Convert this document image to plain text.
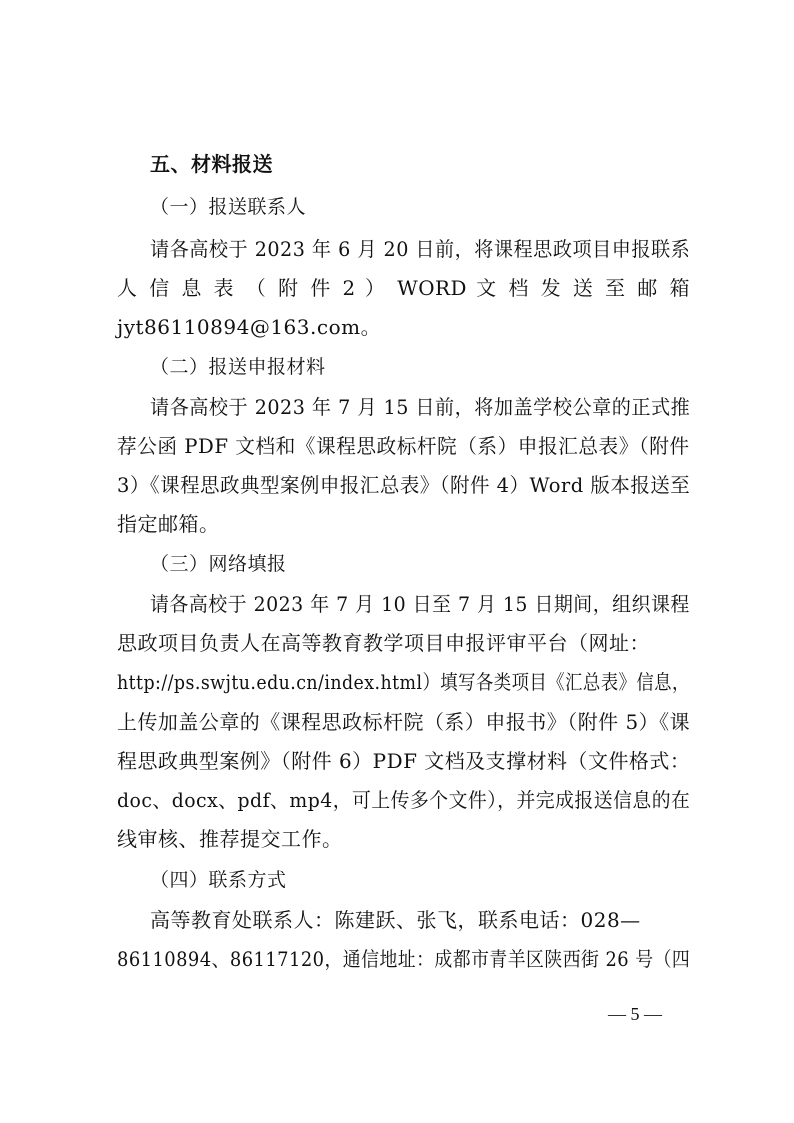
五、材料报送
（一）报送联系人
请各高校于 2023 年 6 月 20 日前，将课程思政项目申报联系
人 信 息 表 （ 附 件 2 ） WORD 文 档 发 送 至 邮 箱
jyt86110894@163.com。
（二）报送申报材料
请各高校于 2023 年 7 月 15 日前，将加盖学校公章的正式推
荐公函 PDF 文档和《课程思政标杆院（系）申报汇总表》（附件
3）《课程思政典型案例申报汇总表》（附件 4）Word 版本报送至
指定邮箱。
（三）网络填报
请各高校于 2023 年 7 月 10 日至 7 月 15 日期间，组织课程
思政项目负责人在高等教育教学项目申报评审平台（网址：
http://ps.swjtu.edu.cn/index.html）填写各类项目《汇总表》信息，
上传加盖公章的《课程思政标杆院（系）申报书》（附件 5）《课
程思政典型案例》（附件 6）PDF 文档及支撑材料（文件格式：
doc、docx、pdf、mp4，可上传多个文件），并完成报送信息的在
线审核、推荐提交工作。
（四）联系方式
高等教育处联系人：陈建跃、张飞，联系电话：028—
86110894、86117120，通信地址：成都市青羊区陕西街 26 号（四
— 5 —
